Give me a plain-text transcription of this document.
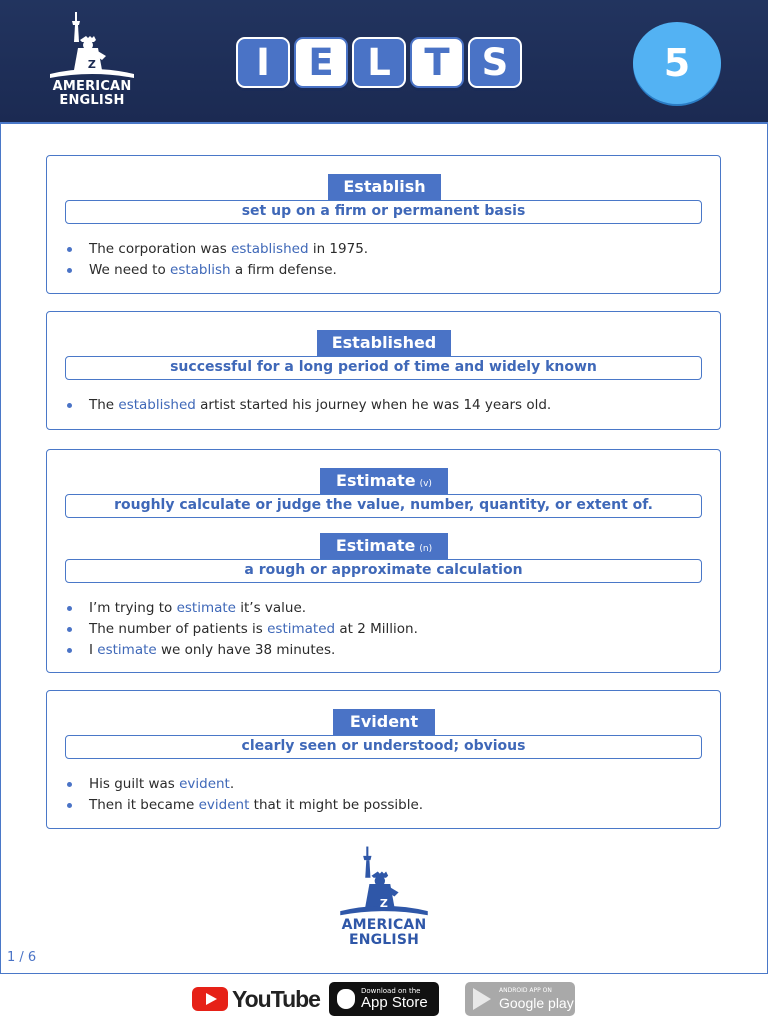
Z
AMERICAN
ENGLISH
I	E L T S	5
Establish
set up on a firm or permanent basis
The corporation was established in 1975.
We need to establish a firm defense.
Established
successful for a long period of time and widely known
The established artist started his journey when he was 14 years old.
Estimate (v)
roughly calculate or judge the value, number, quantity, or extent of.
Estimate (n)
a rough or approximate calculation
I’m trying to estimate it’s value.
The number of patients is estimated at 2 Million.
I estimate we only have 38 minutes.
Evident
clearly seen or understood; obvious
His guilt was evident.
Then it became evident that it might be possible.
Z
AMERICAN
ENGLISH
1 / 6
YouTube	Download on the
App Store
ANDROID APP ON
Google play
